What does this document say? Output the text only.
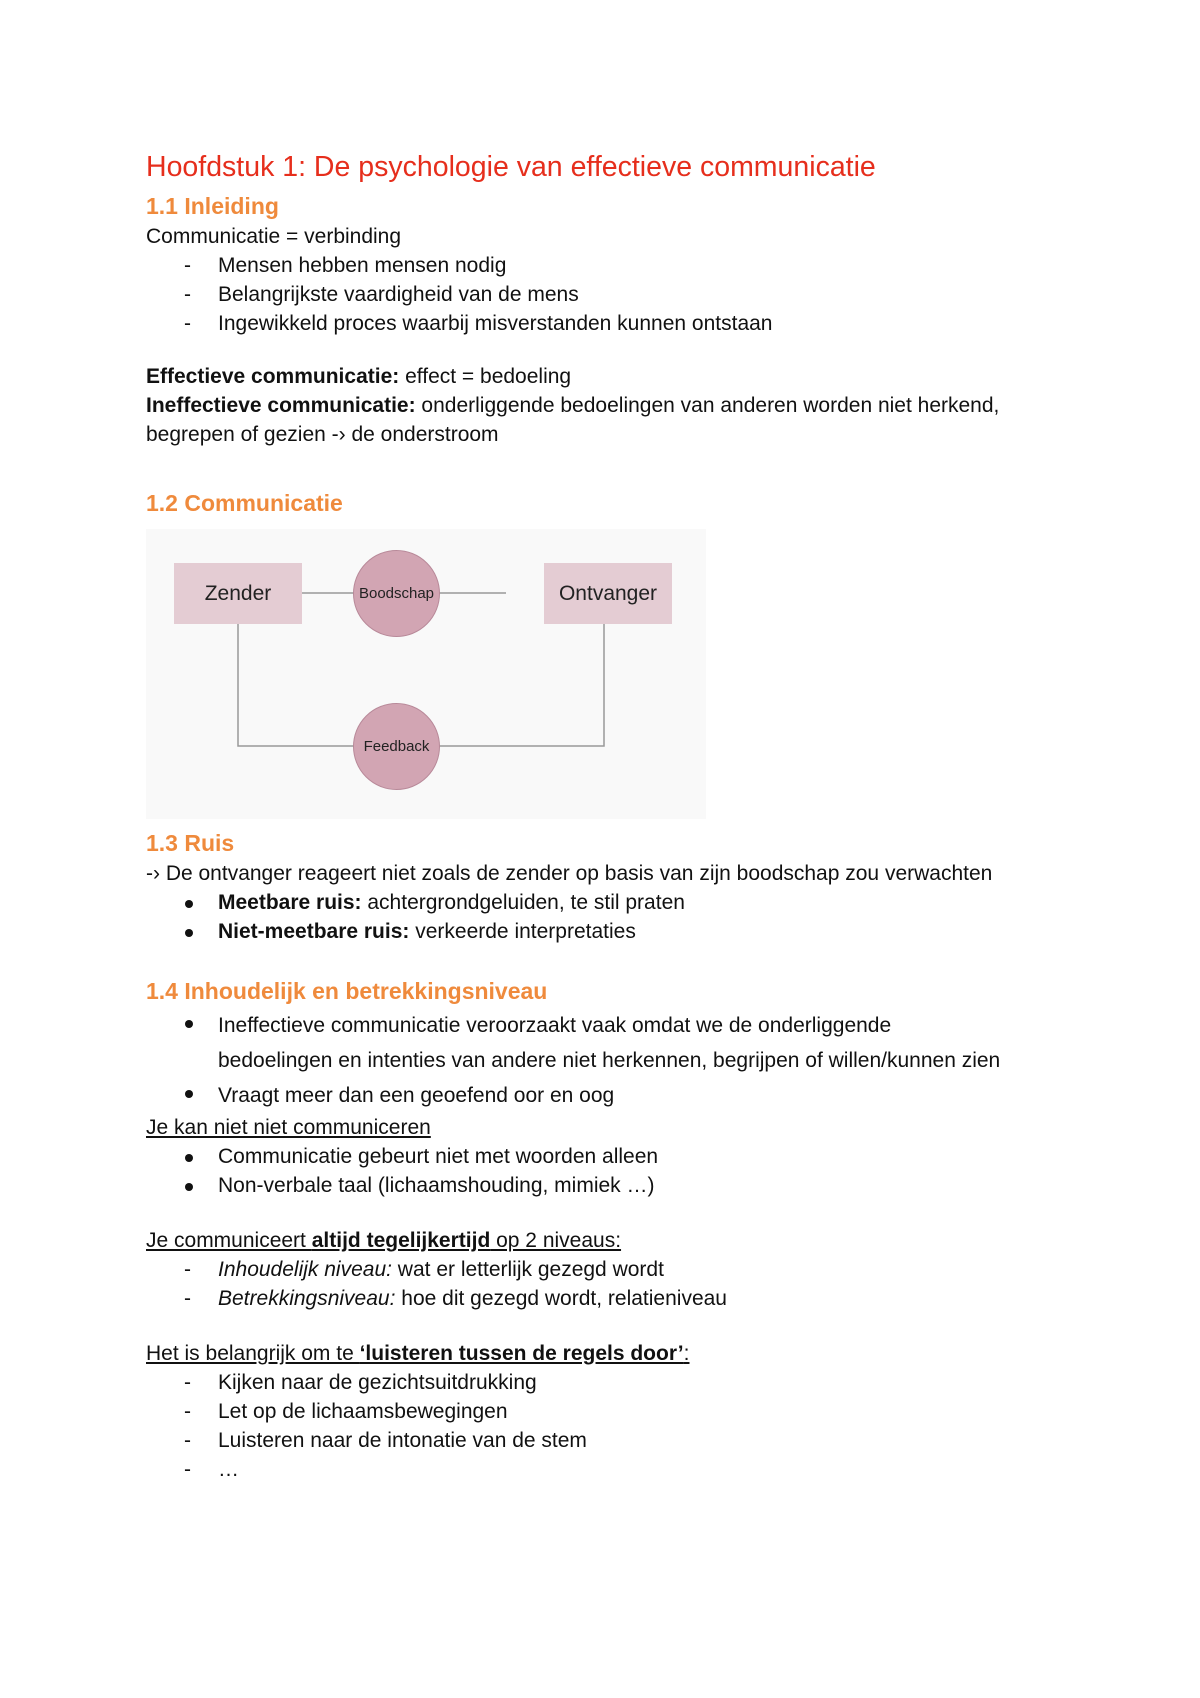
Hoofdstuk 1: De psychologie van effectieve communicatie
1.1 Inleiding

Communicatie = verbinding

- Mensen hebben mensen nodig
- Belangrijkste vaardigheid van de mens
- Ingewikkeld proces waarbij misverstanden kunnen ontstaan

Effectieve communicatie: effect = bedoeling

Ineffectieve communicatie: onderliggende bedoelingen van anderen worden niet herkend, begrepen of gezien -› de onderstroom

1.2 Communicatie
Zender	Boodschap	Ontvanger
Feedback
1.3 Ruis

-› De ontvanger reageert niet zoals de zender op basis van zijn boodschap zou verwachten

Meetbare ruis: achtergrondgeluiden, te stil praten
Niet-meetbare ruis: verkeerde interpretaties
1.4 Inhoudelijk en betrekkingsniveau
Ineffectieve communicatie veroorzaakt vaak omdat we de onderliggende
bedoelingen en intenties van andere niet herkennen, begrijpen of willen/kunnen zien
Vraagt meer dan een geoefend oor en oog

Je kan niet niet communiceren

Communicatie gebeurt niet met woorden alleen
Non-verbale taal (lichaamshouding, mimiek …)

Je communiceert altijd tegelijkertijd op 2 niveaus:

- Inhoudelijk niveau: wat er letterlijk gezegd wordt
- Betrekkingsniveau: hoe dit gezegd wordt, relatieniveau

Het is belangrijk om te ‘luisteren tussen de regels door’:

- Kijken naar de gezichtsuitdrukking
- Let op de lichaamsbewegingen
- Luisteren naar de intonatie van de stem
- …
